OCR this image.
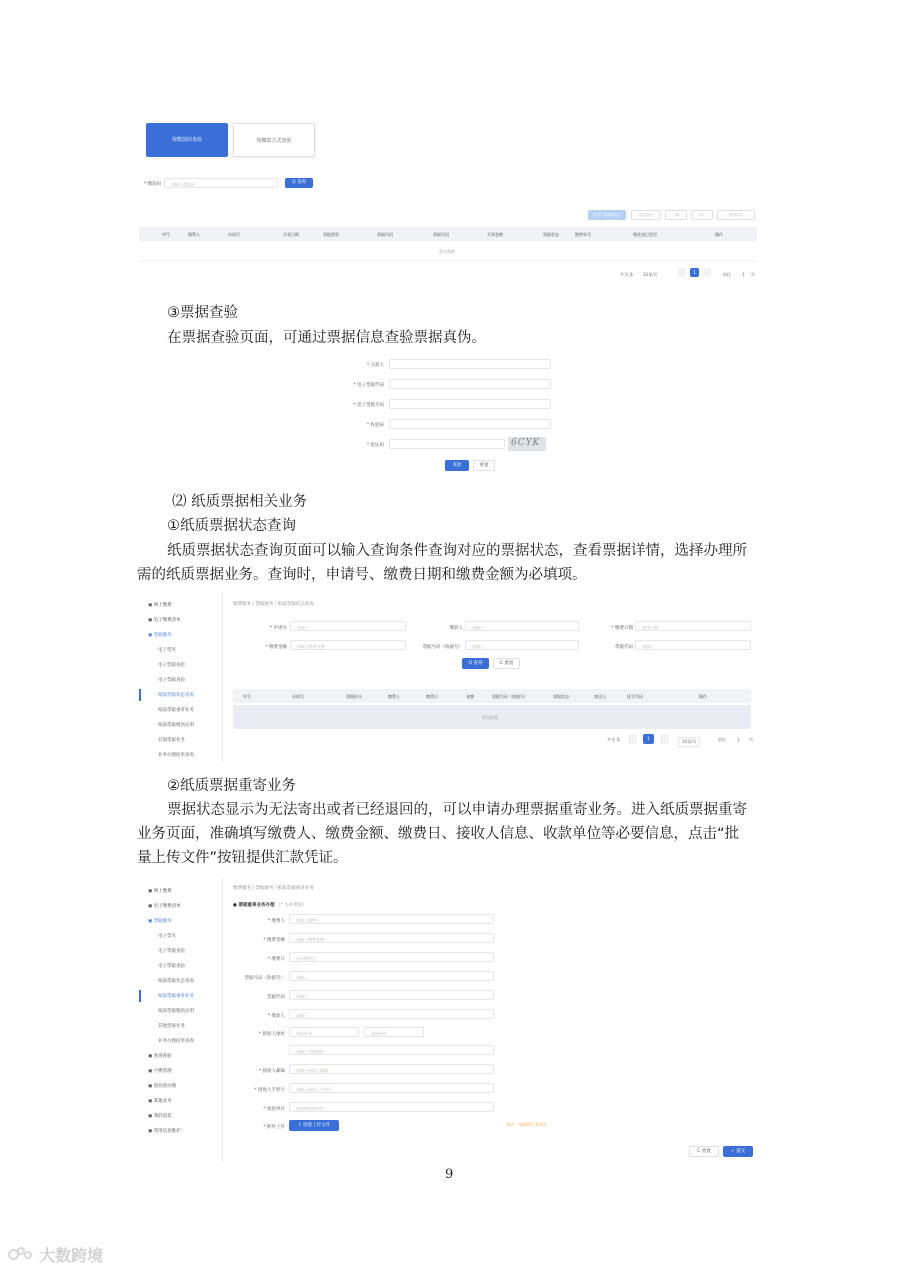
按缴款码查验	按缴款方式查验
* 缴款码	请输入缴款码	Q 查询
批量下载票据电子	批量查验	下载	导出	缴费清单
序号	缴费人	申请号	开票日期	票据类型	票据代码	票据号码	开票金额	票据状态	缴费单号	缴款登记类型	操作
暂无数据
共 0 条 10条/页	1	前往	1 页
③票据查验
在票据查验页面，可通过票据信息查验票据真伪。
* 交款人
* 电子票据代码
* 电子票据号码
* 校验码
* 验证码	6CYK
查验	重置
⑵ 纸质票据相关业务
①纸质票据状态查询
纸质票据状态查询页面可以输入查询条件查询对应的票据状态，查看票据详情，选择办理所
需的纸质票据业务。查询时，申请号、缴费日期和缴费金额为必填项。
▣ 网上缴费
▣ 电子缴费清单
▣ 票据服务
电子票夹
电子票据查验
电子票据查验
纸质票据状态查询
纸质票据重寄业务
纸质票据缴款证明
其他票据业务
业务办理结果查询
缴费服务 / 票据服务 / 纸质票据状态查询
* 申请号	请输入	缴款人 请输入	* 缴费日期 选择日期
* 缴费金额	请输入缴费金额	票据号码（收据号） 请输入	票据代码 请输入
Q 查询	C 重置
序号	申请号	票据抬头	缴费人	缴费日	金额	票据号码（收据号）	票据状态	寄送日	挂号号码	操作
暂无数据
共 0 条	1
10条/页	前往	1 页
②纸质票据重寄业务
票据状态显示为无法寄出或者已经退回的，可以申请办理票据重寄业务。进入纸质票据重寄
业务页面，准确填写缴费人、缴费金额、缴费日、接收人信息、收款单位等必要信息，点击“批
量上传文件”按钮提供汇款凭证。
▣ 网上缴费
▣ 电子缴费清单
▣ 票据服务
电子票夹
电子票据查验
电子票据查验
纸质票据状态查询
纸质票据重寄业务
纸质票据缴款证明
其他票据业务
业务办理结果查询
▣ 查询查验
▣ 号费管理
▣ 留存款办理
▣ 其他业务
▣ 我的消息
▣ 常用信息维护
缴费服务 / 票据服务 / 纸质票据重寄业务
● 票据重寄业务办理 （* 为必填项）
* 缴费人	请输入缴费人
* 缴费金额	请输入缴费金额
* 缴费日	选择缴费日
票据号码（收据号）	请输入
票据代码	请输入
* 缴款人	请输入
* 接收人地址	请选择省	请选择市
请输入详细地址
* 接收人邮编	请输入接收人邮编
* 接收人手机号	请输入接收人手机号
* 收款单位	请选择收款单位
* 附件上传	⇪ 批量上传文件	提示：请提供汇款凭证
C 重置	✓ 提交
9
大数跨境
